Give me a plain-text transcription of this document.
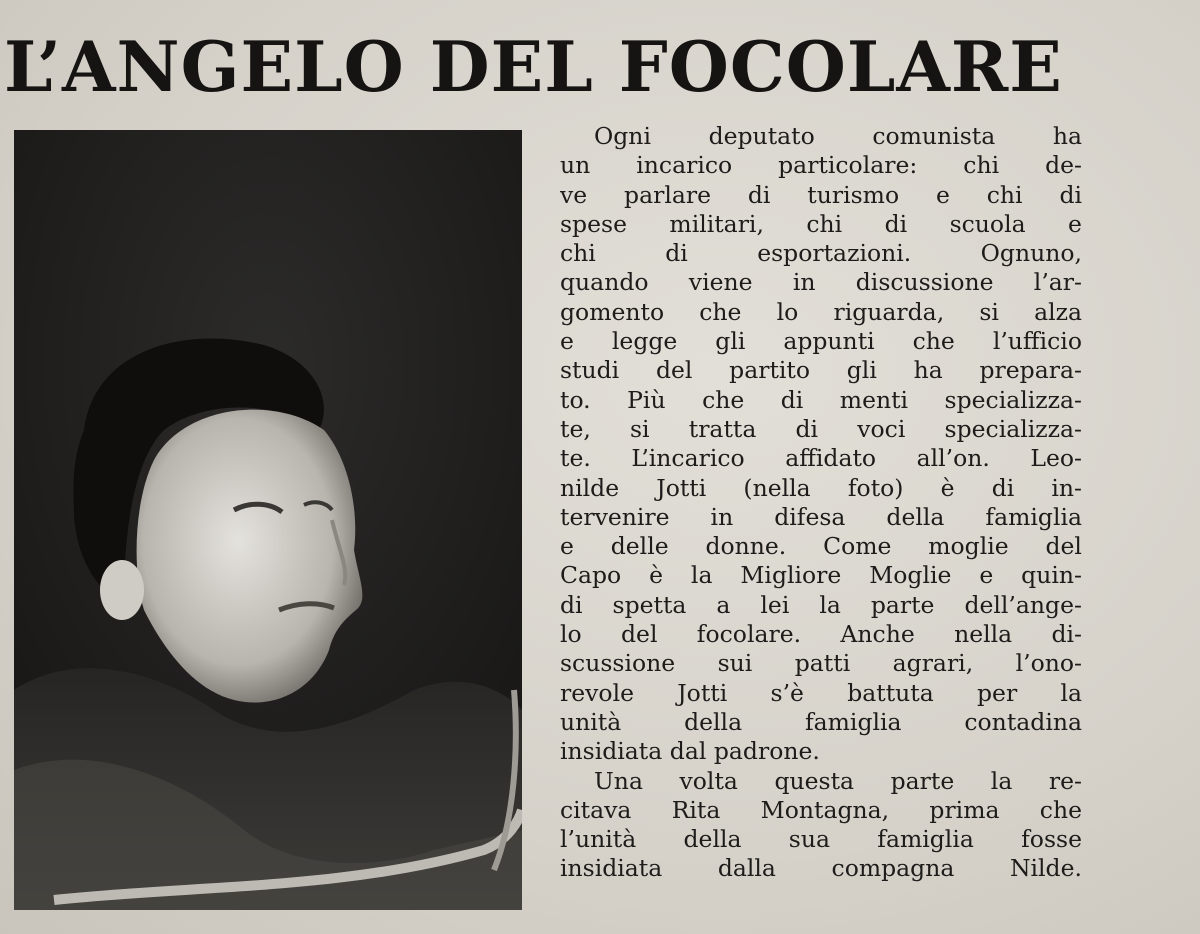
L’ANGELO DEL FOCOLARE
Ogni deputato comunista ha
un incarico particolare: chi de-
ve parlare di turismo e chi di
spese militari, chi di scuola e
chi	di	esportazioni.	Ognuno,
quando viene in discussione l’ar-
gomento che lo riguarda, si alza
e legge gli appunti che l’ufficio
studi del partito gli ha prepara-
to. Più che di menti specializza-
te, si tratta di voci specializza-
te. L’incarico affidato all’on. Leo-
nilde Jotti (nella foto) è di in-
tervenire in difesa della famiglia
e delle donne. Come moglie del
Capo è la Migliore Moglie e quin-
di spetta a lei la parte dell’ange-
lo del focolare. Anche nella di-
scussione sui patti agrari, l’ono-
revole Jotti s’è battuta per la
unità	della	famiglia	contadina
insidiata dal padrone.
Una volta questa parte la re-
citava Rita Montagna, prima che
l’unità della sua famiglia fosse
insidiata dalla compagna Nilde.
